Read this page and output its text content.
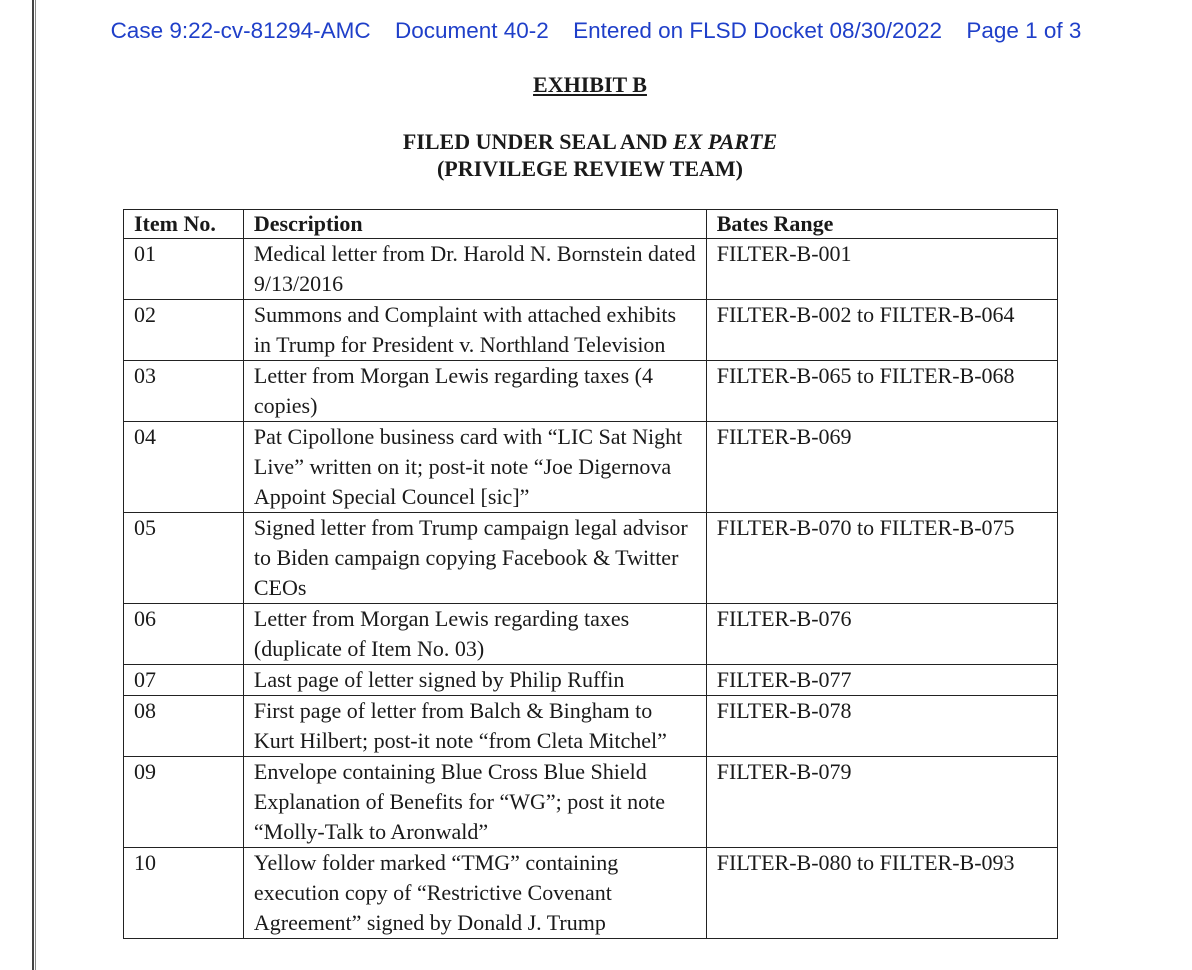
Case 9:22-cv-81294-AMC Document 40-2 Entered on FLSD Docket 08/30/2022 Page 1 of 3
EXHIBIT B
FILED UNDER SEAL AND EX PARTE
(PRIVILEGE REVIEW TEAM)
Item No.	Description	Bates Range
01	Medical letter from Dr. Harold N. Bornstein dated 9/13/2016	FILTER-B-001
02	Summons and Complaint with attached exhibits in Trump for President v. Northland Television	FILTER-B-002 to FILTER-B-064
03	Letter from Morgan Lewis regarding taxes (4 copies)	FILTER-B-065 to FILTER-B-068
04	Pat Cipollone business card with “LIC Sat Night Live” written on it; post-it note “Joe Digernova Appoint Special Councel [sic]”	FILTER-B-069
05	Signed letter from Trump campaign legal advisor to Biden campaign copying Facebook & Twitter CEOs	FILTER-B-070 to FILTER-B-075
06	Letter from Morgan Lewis regarding taxes (duplicate of Item No. 03)	FILTER-B-076
07	Last page of letter signed by Philip Ruffin	FILTER-B-077
08	First page of letter from Balch & Bingham to Kurt Hilbert; post-it note “from Cleta Mitchel”	FILTER-B-078
09	Envelope containing Blue Cross Blue Shield Explanation of Benefits for “WG”; post it note “Molly-Talk to Aronwald”	FILTER-B-079
10	Yellow folder marked “TMG” containing execution copy of “Restrictive Covenant Agreement” signed by Donald J. Trump	FILTER-B-080 to FILTER-B-093
